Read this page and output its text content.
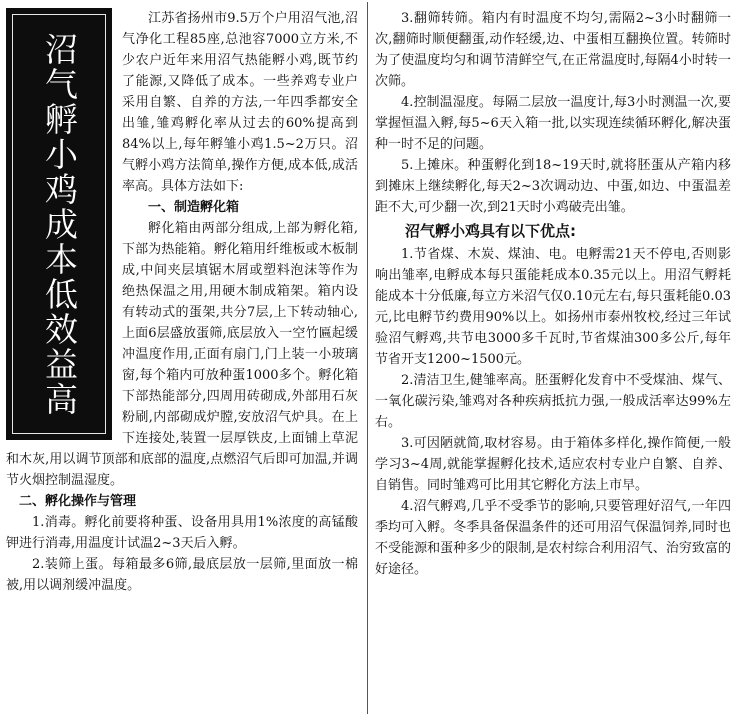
沼气孵小鸡成本低效益高

江苏省扬州市9.5万个户用沼气池,沼气净化工程85座,总池容7000立方米,不少农户近年来用沼气热能孵小鸡,既节约了能源,又降低了成本。一些养鸡专业户采用自繁、自养的方法,一年四季都安全出雏,雏鸡孵化率从过去的60%提高到84%以上,每年孵雏小鸡1.5~2万只。沼气孵小鸡方法简单,操作方便,成本低,成活率高。具体方法如下:

一、制造孵化箱

孵化箱由两部分组成,上部为孵化箱,下部为热能箱。孵化箱用纤维板或木板制成,中间夹层填锯木屑或塑料泡沫等作为绝热保温之用,用硬木制成箱架。箱内设有转动式的蛋架,共分7层,上下转动轴心,上面6层盛放蛋筛,底层放入一空竹匾起缓冲温度作用,正面有扇门,门上装一小玻璃窗,每个箱内可放种蛋1000多个。孵化箱下部热能部分,四周用砖砌成,外部用石灰粉刷,内部砌成炉膛,安放沼气炉具。在上下连接处,装置一层厚铁皮,上面铺上草泥和木灰,用以调节顶部和底部的温度,点燃沼气后即可加温,并调节火烟控制温湿度。

二、孵化操作与管理

1.消毒。孵化前要将种蛋、设备用具用1%浓度的高锰酸钾进行消毒,用温度计试温2~3天后入孵。

2.装筛上蛋。每箱最多6筛,最底层放一层筛,里面放一棉被,用以调剂缓冲温度。

3.翻筛转筛。箱内有时温度不均匀,需隔2~3小时翻筛一次,翻筛时顺便翻蛋,动作轻缓,边、中蛋相互翻换位置。转筛时为了使温度均匀和调节清鲜空气,在正常温度时,每隔4小时转一次筛。

4.控制温湿度。每隔二层放一温度计,每3小时测温一次,要掌握恒温入孵,每5~6天入箱一批,以实现连续循环孵化,解决蛋种一时不足的问题。

5.上摊床。种蛋孵化到18~19天时,就将胚蛋从产箱内移到摊床上继续孵化,每天2~3次调动边、中蛋,如边、中蛋温差距不大,可少翻一次,到21天时小鸡破壳出雏。

沼气孵小鸡具有以下优点:

1.节省煤、木炭、煤油、电。电孵需21天不停电,否则影响出雏率,电孵成本每只蛋能耗成本0.35元以上。用沼气孵耗能成本十分低廉,每立方米沼气仅0.10元左右,每只蛋耗能0.03元,比电孵节约费用90%以上。如扬州市泰州牧校,经过三年试验沼气孵鸡,共节电3000多千瓦时,节省煤油300多公斤,每年节省开支1200~1500元。

2.清洁卫生,健雏率高。胚蛋孵化发育中不受煤油、煤气、一氧化碳污染,雏鸡对各种疾病抵抗力强,一般成活率达99%左右。

3.可因陋就简,取材容易。由于箱体多样化,操作简便,一般学习3~4周,就能掌握孵化技术,适应农村专业户自繁、自养、自销售。同时雏鸡可比用其它孵化方法上市早。

4.沼气孵鸡,几乎不受季节的影响,只要管理好沼气,一年四季均可入孵。冬季具备保温条件的还可用沼气保温饲养,同时也不受能源和蛋种多少的限制,是农村综合利用沼气、治穷致富的好途径。
